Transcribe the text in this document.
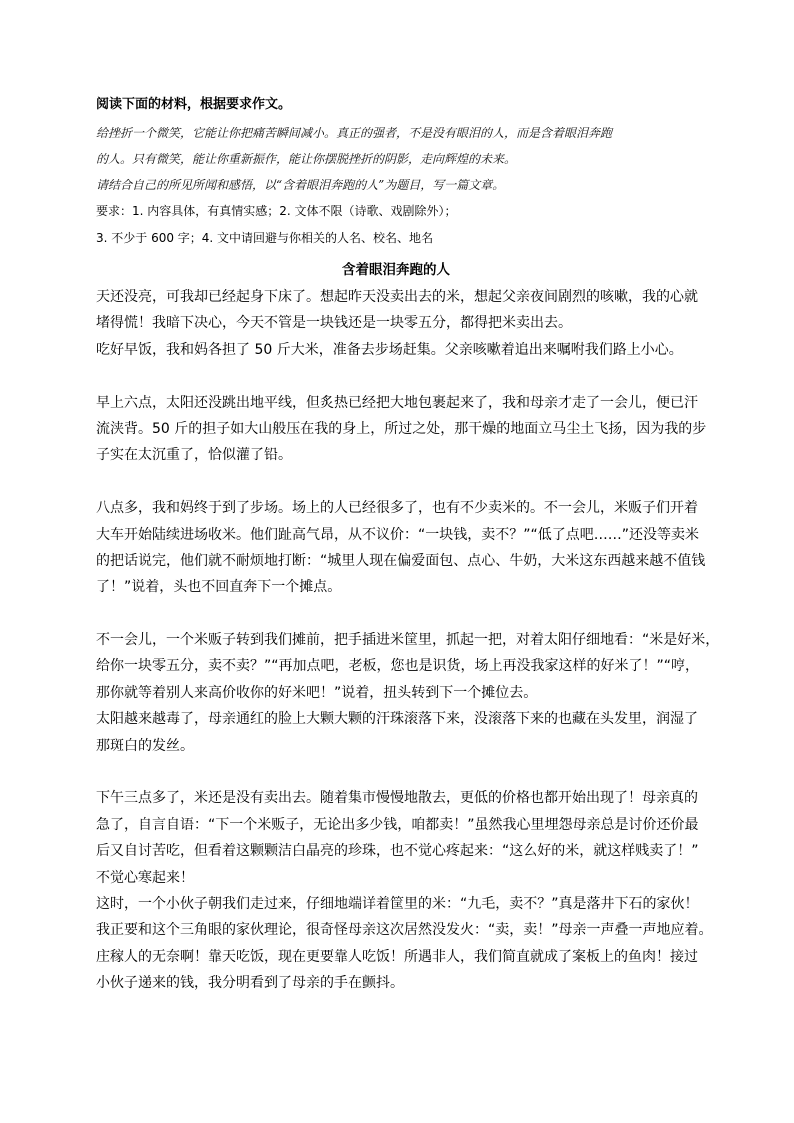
阅读下面的材料，根据要求作文。

给挫折一个微笑，它能让你把痛苦瞬间减小。真正的强者，不是没有眼泪的人，而是含着眼泪奔跑

的人。只有微笑，能让你重新振作，能让你摆脱挫折的阴影，走向辉煌的未来。

请结合自己的所见所闻和感悟，以“含着眼泪奔跑的人”为题目，写一篇文章。

要求：1. 内容具体，有真情实感；2. 文体不限（诗歌、戏剧除外）；

3. 不少于 600 字；4. 文中请回避与你相关的人名、校名、地名

含着眼泪奔跑的人
天还没亮，可我却已经起身下床了。想起昨天没卖出去的米，想起父亲夜间剧烈的咳嗽，我的心就
堵得慌！我暗下决心，今天不管是一块钱还是一块零五分，都得把米卖出去。
吃好早饭，我和妈各担了 50 斤大米，准备去步场赶集。父亲咳嗽着追出来嘱咐我们路上小心。
早上六点，太阳还没跳出地平线，但炙热已经把大地包裹起来了，我和母亲才走了一会儿，便已汗
流浃背。50 斤的担子如大山般压在我的身上，所过之处，那干燥的地面立马尘土飞扬，因为我的步
子实在太沉重了，恰似灌了铅。
八点多，我和妈终于到了步场。场上的人已经很多了，也有不少卖米的。不一会儿，米贩子们开着
大车开始陆续进场收米。他们趾高气昂，从不议价：“一块钱，卖不？”“低了点吧……”还没等卖米
的把话说完，他们就不耐烦地打断：“城里人现在偏爱面包、点心、牛奶，大米这东西越来越不值钱
了！”说着，头也不回直奔下一个摊点。
不一会儿，一个米贩子转到我们摊前，把手插进米筐里，抓起一把，对着太阳仔细地看：“米是好米，
给你一块零五分，卖不卖？”“再加点吧，老板，您也是识货，场上再没我家这样的好米了！”“哼，
那你就等着别人来高价收你的好米吧！”说着，扭头转到下一个摊位去。
太阳越来越毒了，母亲通红的脸上大颗大颗的汗珠滚落下来，没滚落下来的也藏在头发里，润湿了
那斑白的发丝。
下午三点多了，米还是没有卖出去。随着集市慢慢地散去，更低的价格也都开始出现了！母亲真的
急了，自言自语：“下一个米贩子，无论出多少钱，咱都卖！”虽然我心里埋怨母亲总是讨价还价最
后又自讨苦吃，但看着这颗颗洁白晶亮的珍珠，也不觉心疼起来：“这么好的米，就这样贱卖了！”
不觉心寒起来！
这时，一个小伙子朝我们走过来，仔细地端详着筐里的米：“九毛，卖不？”真是落井下石的家伙！
我正要和这个三角眼的家伙理论，很奇怪母亲这次居然没发火：“卖，卖！”母亲一声叠一声地应着。
庄稼人的无奈啊！靠天吃饭，现在更要靠人吃饭！所遇非人，我们简直就成了案板上的鱼肉！接过
小伙子递来的钱，我分明看到了母亲的手在颤抖。
